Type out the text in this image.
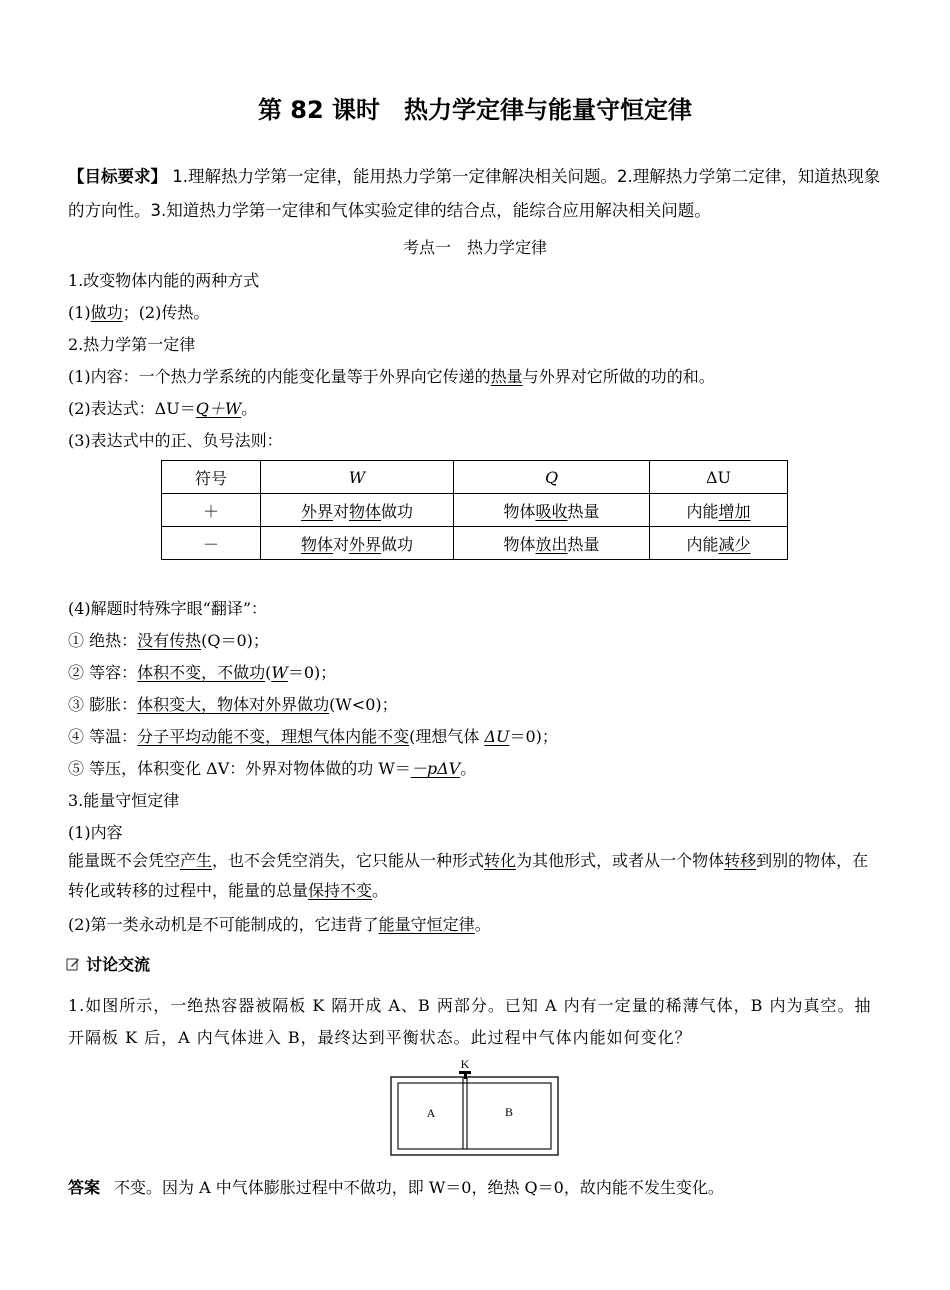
第 82 课时　热力学定律与能量守恒定律
【目标要求】 1.理解热力学第一定律，能用热力学第一定律解决相关问题。2.理解热力学第二定律，知道热现象的方向性。3.知道热力学第一定律和气体实验定律的结合点，能综合应用解决相关问题。
考点一　热力学定律
1.改变物体内能的两种方式
(1)做功；(2)传热。
2.热力学第一定律
(1)内容：一个热力学系统的内能变化量等于外界向它传递的热量与外界对它所做的功的和。
(2)表达式：ΔU＝Q＋W。
(3)表达式中的正、负号法则：
符号	W	Q	ΔU
＋	外界对物体做功	物体吸收热量	内能增加
－	物体对外界做功	物体放出热量	内能减少
(4)解题时特殊字眼“翻译”：
① 绝热：没有传热(Q＝0)；
② 等容：体积不变，不做功(W＝0)；
③ 膨胀：体积变大，物体对外界做功(W<0)；
④ 等温：分子平均动能不变，理想气体内能不变(理想气体 ΔU＝0)；
⑤ 等压，体积变化 ΔV：外界对物体做的功 W＝－pΔV。
3.能量守恒定律
(1)内容
能量既不会凭空产生，也不会凭空消失，它只能从一种形式转化为其他形式，或者从一个物体转移到别的物体，在转化或转移的过程中，能量的总量保持不变。
(2)第一类永动机是不可能制成的，它违背了能量守恒定律。
讨论交流
1.如图所示，一绝热容器被隔板 K 隔开成 A、B 两部分。已知 A 内有一定量的稀薄气体，B 内为真空。抽开隔板 K 后，A 内气体进入 B，最终达到平衡状态。此过程中气体内能如何变化？
K
A	B
答案 不变。因为 A 中气体膨胀过程中不做功，即 W＝0，绝热 Q＝0，故内能不发生变化。
